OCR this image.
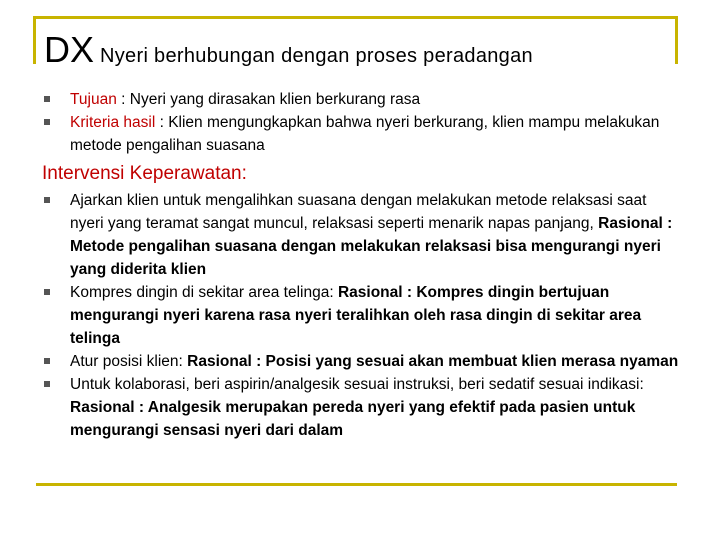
DX Nyeri berhubungan dengan proses peradangan
Tujuan : Nyeri yang dirasakan klien berkurang rasa
Kriteria hasil : Klien mengungkapkan bahwa nyeri berkurang, klien mampu melakukan metode pengalihan suasana
Intervensi Keperawatan:
Ajarkan klien untuk mengalihkan suasana dengan melakukan metode relaksasi saat nyeri yang teramat sangat muncul, relaksasi seperti menarik napas panjang, Rasional : Metode pengalihan suasana dengan melakukan relaksasi bisa mengurangi nyeri yang diderita klien
Kompres dingin di sekitar area telinga: Rasional : Kompres dingin bertujuan mengurangi nyeri karena rasa nyeri teralihkan oleh rasa dingin di sekitar area telinga
Atur posisi klien: Rasional : Posisi yang sesuai akan membuat klien merasa nyaman
Untuk kolaborasi, beri aspirin/analgesik sesuai instruksi, beri sedatif sesuai indikasi: Rasional : Analgesik merupakan pereda nyeri yang efektif pada pasien untuk mengurangi sensasi nyeri dari dalam
